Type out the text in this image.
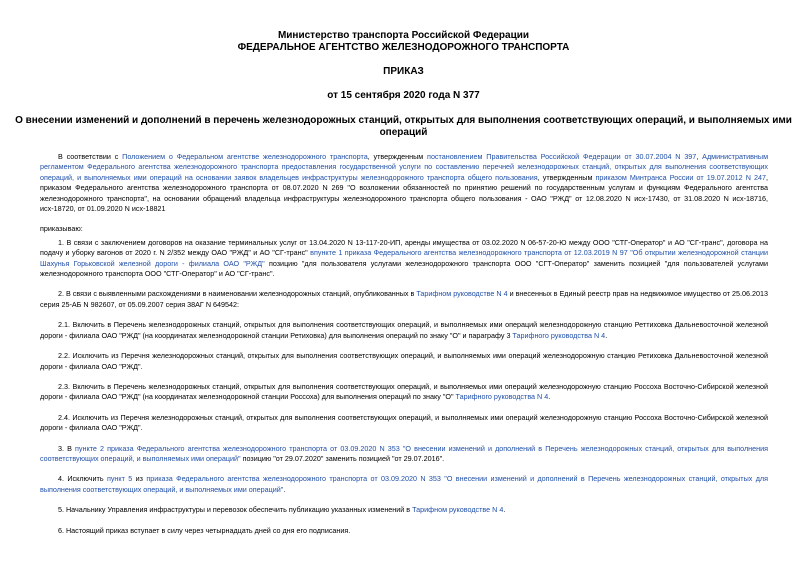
Министерство транспорта Российской Федерации
ФЕДЕРАЛЬНОЕ АГЕНТСТВО ЖЕЛЕЗНОДОРОЖНОГО ТРАНСПОРТА
ПРИКАЗ
от 15 сентября 2020 года N 377
О внесении изменений и дополнений в перечень железнодорожных станций, открытых для выполнения соответствующих операций, и выполняемых ими операций

В соответствии с Положением о Федеральном агентстве железнодорожного транспорта, утвержденным постановлением Правительства Российской Федерации от 30.07.2004 N 397, Административным регламентом Федерального агентства железнодорожного транспорта предоставления государственной услуги по составлению перечней железнодорожных станций, открытых для выполнения соответствующих операций, и выполняемых ими операций на основании заявок владельцев инфраструктуры железнодорожного транспорта общего пользования, утвержденным приказом Минтранса России от 19.07.2012 N 247, приказом Федерального агентства железнодорожного транспорта от 08.07.2020 N 269 "О возложении обязанностей по принятию решений по государственным услугам и функциям Федерального агентства железнодорожного транспорта", на основании обращений владельца инфраструктуры железнодорожного транспорта общего пользования - ОАО "РЖД" от 12.08.2020 N исх-17430, от 31.08.2020 N исх-18716, исх-18720, от 01.09.2020 N исх-18821

приказываю:

1. В связи с заключением договоров на оказание терминальных услуг от 13.04.2020 N 13-117-20-ИП, аренды имущества от 03.02.2020 N 06-57-20-Ю между ООО "СТГ-Оператор" и АО "СГ-транс", договора на подачу и уборку вагонов от 2020 г. N 2/352 между ОАО "РЖД" и АО "СГ-транс" впунктe 1 приказа Федерального агентства железнодорожного транспорта от 12.03.2019 N 97 "Об открытии железнодорожной станции Шахунья Горьковской железной дороги - филиала ОАО "РЖД" позицию "для пользователя услугами железнодорожного транспорта ООО "СГТ-Оператор" заменить позицией "для пользователей услугами железнодорожного транспорта ООО "СТГ-Оператор" и АО "СГ-транс".

2. В связи с выявленными расхождениями в наименовании железнодорожных станций, опубликованных в Тарифном руководстве N 4 и внесенных в Единый реестр прав на недвижимое имущество от 25.06.2013 серия 25-АБ N 982607, от 05.09.2007 серия 38АГ N 649542:

2.1. Включить в Перечень железнодорожных станций, открытых для выполнения соответствующих операций, и выполняемых ими операций железнодорожную станцию Реттиховка Дальневосточной железной дороги - филиала ОАО "РЖД" (на координатах железнодорожной станции Ретиховка) для выполнения операций по знаку "О" и параграфу 3 Тарифного руководства N 4.

2.2. Исключить из Перечня железнодорожных станций, открытых для выполнения соответствующих операций, и выполняемых ими операций железнодорожную станцию Ретиховка Дальневосточной железной дороги - филиала ОАО "РЖД".

2.3. Включить в Перечень железнодорожных станций, открытых для выполнения соответствующих операций, и выполняемых ими операций железнодорожную станцию Россоха Восточно-Сибирской железной дороги - филиала ОАО "РЖД" (на координатах железнодорожной станции Россоха) для выполнения операций по знаку "О" Тарифного руководства N 4.

2.4. Исключить из Перечня железнодорожных станций, открытых для выполнения соответствующих операций, и выполняемых ими операций железнодорожную станцию Россоха Восточно-Сибирской железной дороги - филиала ОАО "РЖД".

3. В пункте 2 приказа Федерального агентства железнодорожного транспорта от 03.09.2020 N 353 "О внесении изменений и дополнений в Перечень железнодорожных станций, открытых для выполнения соответствующих операций, и выполняемых ими операций" позицию "от 29.07.2020" заменить позицией "от 29.07.2016".

4. Исключить пункт 5 из приказа Федерального агентства железнодорожного транспорта от 03.09.2020 N 353 "О внесении изменений и дополнений в Перечень железнодорожных станций, открытых для выполнения соответствующих операций, и выполняемых ими операций".

5. Начальнику Управления инфраструктуры и перевозок обеспечить публикацию указанных изменений в Тарифном руководстве N 4.

6. Настоящий приказ вступает в силу через четырнадцать дней со дня его подписания.
